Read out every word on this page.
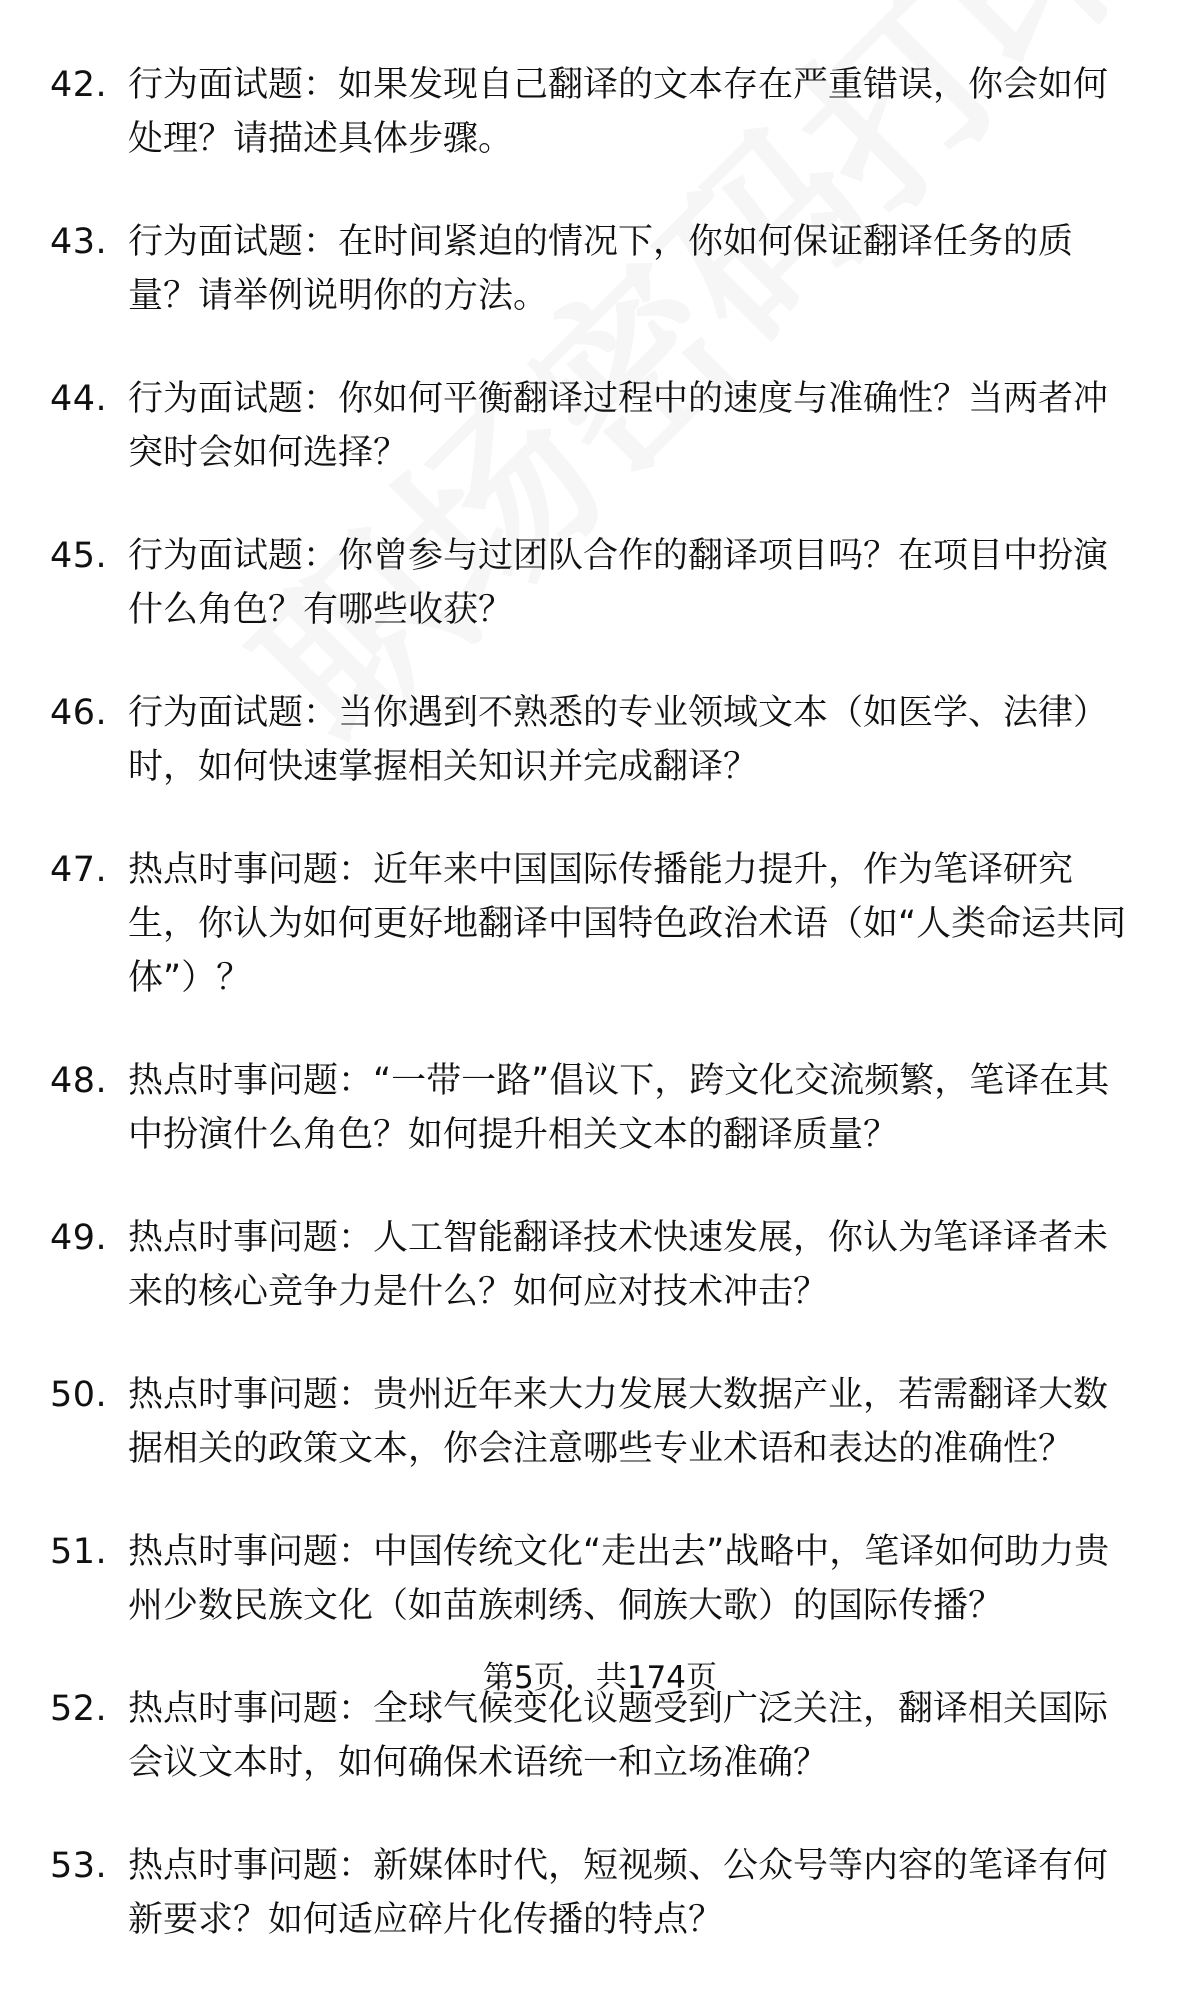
42. 行为面试题：如果发现自己翻译的文本存在严重错误，你会如何处理？请描述具体步骤。
43. 行为面试题：在时间紧迫的情况下，你如何保证翻译任务的质量？请举例说明你的方法。
44. 行为面试题：你如何平衡翻译过程中的速度与准确性？当两者冲突时会如何选择？
45. 行为面试题：你曾参与过团队合作的翻译项目吗？在项目中扮演什么角色？有哪些收获？
46. 行为面试题：当你遇到不熟悉的专业领域文本（如医学、法律）时，如何快速掌握相关知识并完成翻译？
47. 热点时事问题：近年来中国国际传播能力提升，作为笔译研究生，你认为如何更好地翻译中国特色政治术语（如“人类命运共同体”）？
48. 热点时事问题：“一带一路”倡议下，跨文化交流频繁，笔译在其中扮演什么角色？如何提升相关文本的翻译质量？
49. 热点时事问题：人工智能翻译技术快速发展，你认为笔译译者未来的核心竞争力是什么？如何应对技术冲击？
50. 热点时事问题：贵州近年来大力发展大数据产业，若需翻译大数据相关的政策文本，你会注意哪些专业术语和表达的准确性？
51. 热点时事问题：中国传统文化“走出去”战略中，笔译如何助力贵州少数民族文化（如苗族刺绣、侗族大歌）的国际传播？
52. 热点时事问题：全球气候变化议题受到广泛关注，翻译相关国际会议文本时，如何确保术语统一和立场准确？
53. 热点时事问题：新媒体时代，短视频、公众号等内容的笔译有何新要求？如何适应碎片化传播的特点？
第5页，共174页
